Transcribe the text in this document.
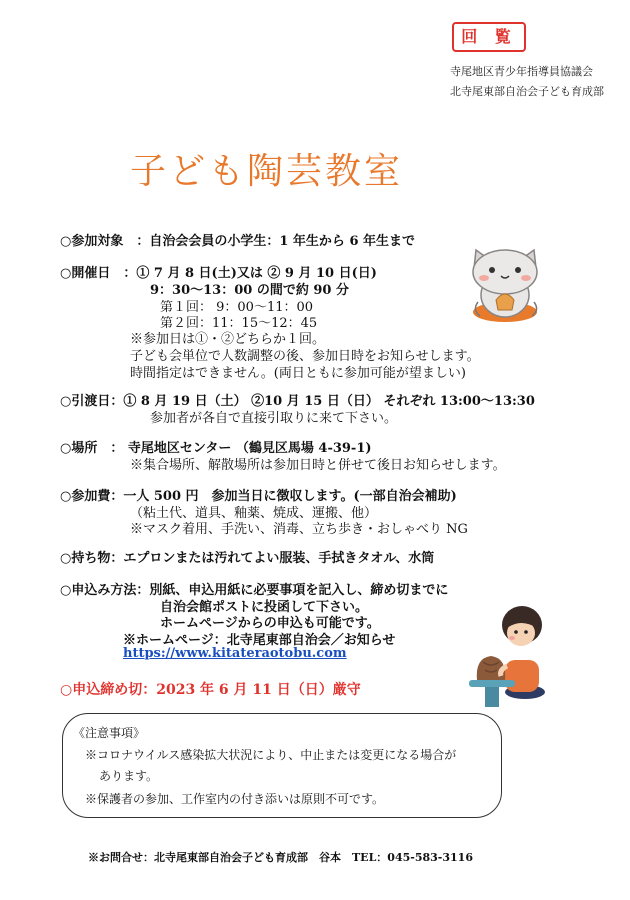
回 覧
寺尾地区青少年指導員協議会
北寺尾東部自治会子ども育成部
子ども陶芸教室
○参加対象　：自治会会員の小学生：1 年生から 6 年生まで
○開催日　：① 7 月 8 日(土)又は ② 9 月 10 日(日)
9：30～13：00 の間で約 90 分
第１回： 9：00～11：00
第２回：11：15～12：45
※参加日は①・②どちらか１回。
子ども会単位で人数調整の後、参加日時をお知らせします。
時間指定はできません。(両日ともに参加可能が望ましい)
○引渡日：① 8 月 19 日（土） ②10 月 15 日（日） それぞれ 13:00～13:30
参加者が各自で直接引取りに来て下さい。
○場所　： 寺尾地区センター （鶴見区馬場 4-39-1)
※集合場所、解散場所は参加日時と併せて後日お知らせします。
○参加費：一人 500 円　参加当日に徴収します。(一部自治会補助)
（粘土代、道具、釉薬、焼成、運搬、他）
※マスク着用、手洗い、消毒、立ち歩き・おしゃべり NG
○持ち物：エプロンまたは汚れてよい服装、手拭きタオル、水筒
○申込み方法：別紙、申込用紙に必要事項を記入し、締め切までに
自治会館ポストに投函して下さい。
ホームページからの申込も可能です。
※ホームページ：北寺尾東部自治会／お知らせ
https://www.kitateraotobu.com
○申込締め切：2023 年 6 月 11 日（日）厳守
《注意事項》
※コロナウイルス感染拡大状況により、中止または変更になる場合が
あります。
※保護者の参加、工作室内の付き添いは原則不可です。
※お問合せ：北寺尾東部自治会子ども育成部　谷本　TEL：045-583-3116
